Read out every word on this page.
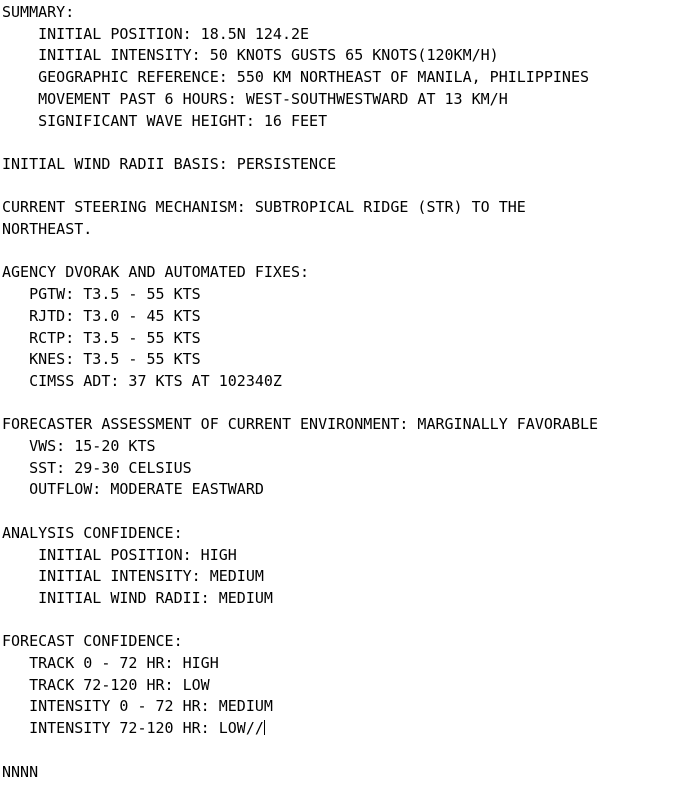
SUMMARY:
INITIAL POSITION: 18.5N 124.2E
INITIAL INTENSITY: 50 KNOTS GUSTS 65 KNOTS(120KM/H)
GEOGRAPHIC REFERENCE: 550 KM NORTHEAST OF MANILA, PHILIPPINES
MOVEMENT PAST 6 HOURS: WEST-SOUTHWESTWARD AT 13 KM/H
SIGNIFICANT WAVE HEIGHT: 16 FEET
INITIAL WIND RADII BASIS: PERSISTENCE
CURRENT STEERING MECHANISM: SUBTROPICAL RIDGE (STR) TO THE
NORTHEAST.
AGENCY DVORAK AND AUTOMATED FIXES:
PGTW: T3.5 - 55 KTS
RJTD: T3.0 - 45 KTS
RCTP: T3.5 - 55 KTS
KNES: T3.5 - 55 KTS
CIMSS ADT: 37 KTS AT 102340Z
FORECASTER ASSESSMENT OF CURRENT ENVIRONMENT: MARGINALLY FAVORABLE
VWS: 15-20 KTS
SST: 29-30 CELSIUS
OUTFLOW: MODERATE EASTWARD
ANALYSIS CONFIDENCE:
INITIAL POSITION: HIGH
INITIAL INTENSITY: MEDIUM
INITIAL WIND RADII: MEDIUM
FORECAST CONFIDENCE:
TRACK 0 - 72 HR: HIGH
TRACK 72-120 HR: LOW
INTENSITY 0 - 72 HR: MEDIUM
INTENSITY 72-120 HR: LOW//
NNNN
